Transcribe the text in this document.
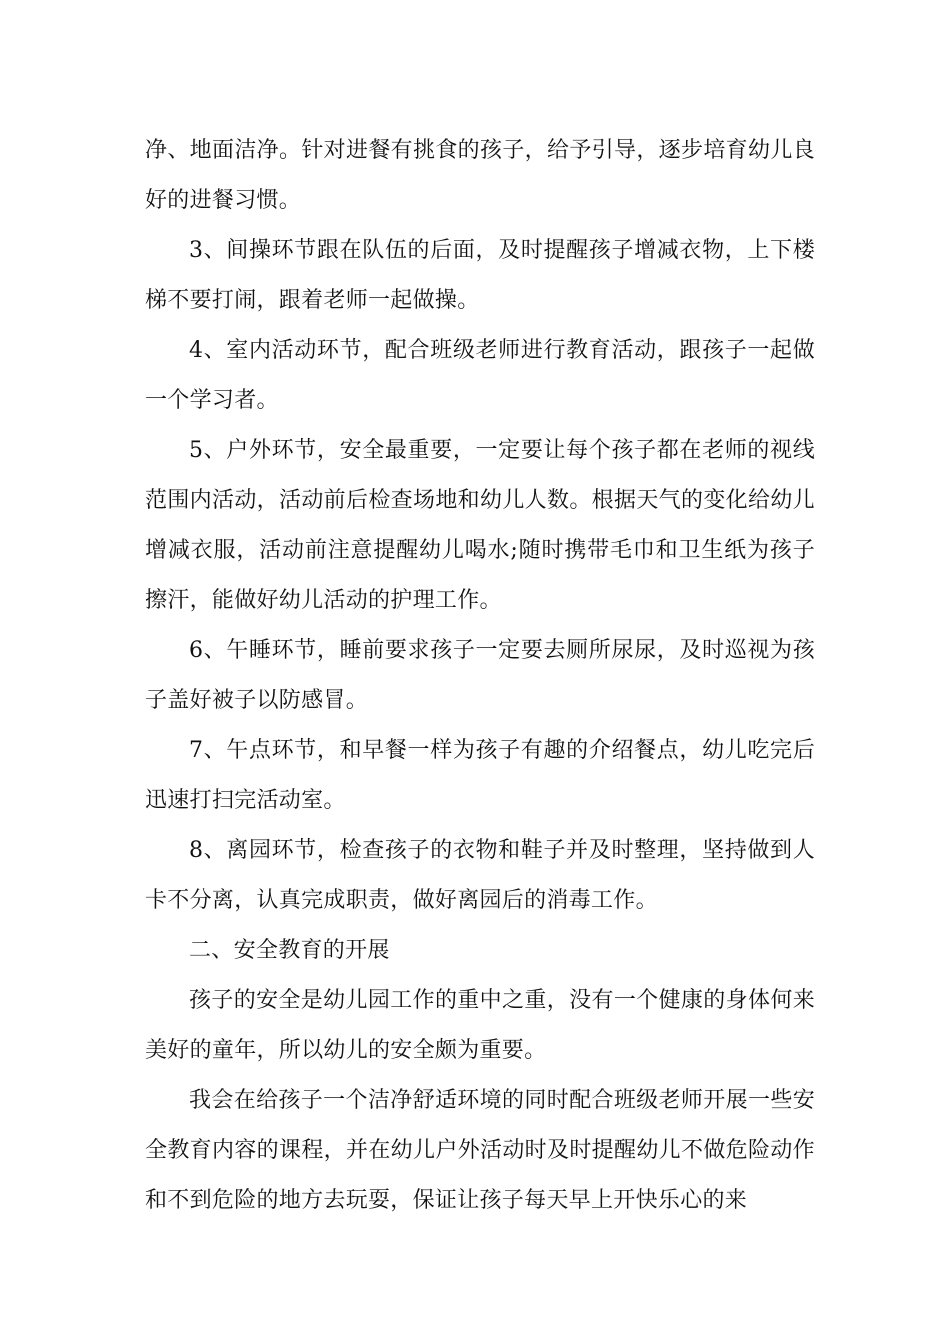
净、地面洁净。针对进餐有挑食的孩子，给予引导，逐步培育幼儿良好的进餐习惯。

3、间操环节跟在队伍的后面，及时提醒孩子增减衣物，上下楼梯不要打闹，跟着老师一起做操。

4、室内活动环节，配合班级老师进行教育活动，跟孩子一起做一个学习者。

5、户外环节，安全最重要，一定要让每个孩子都在老师的视线范围内活动，活动前后检查场地和幼儿人数。根据天气的变化给幼儿增减衣服，活动前注意提醒幼儿喝水;随时携带毛巾和卫生纸为孩子擦汗，能做好幼儿活动的护理工作。

6、午睡环节，睡前要求孩子一定要去厕所尿尿，及时巡视为孩子盖好被子以防感冒。

7、午点环节，和早餐一样为孩子有趣的介绍餐点，幼儿吃完后迅速打扫完活动室。

8、离园环节，检查孩子的衣物和鞋子并及时整理，坚持做到人卡不分离，认真完成职责，做好离园后的消毒工作。

二、安全教育的开展

孩子的安全是幼儿园工作的重中之重，没有一个健康的身体何来美好的童年，所以幼儿的安全颇为重要。

我会在给孩子一个洁净舒适环境的同时配合班级老师开展一些安全教育内容的课程，并在幼儿户外活动时及时提醒幼儿不做危险动作和不到危险的地方去玩耍，保证让孩子每天早上开快乐心的来
